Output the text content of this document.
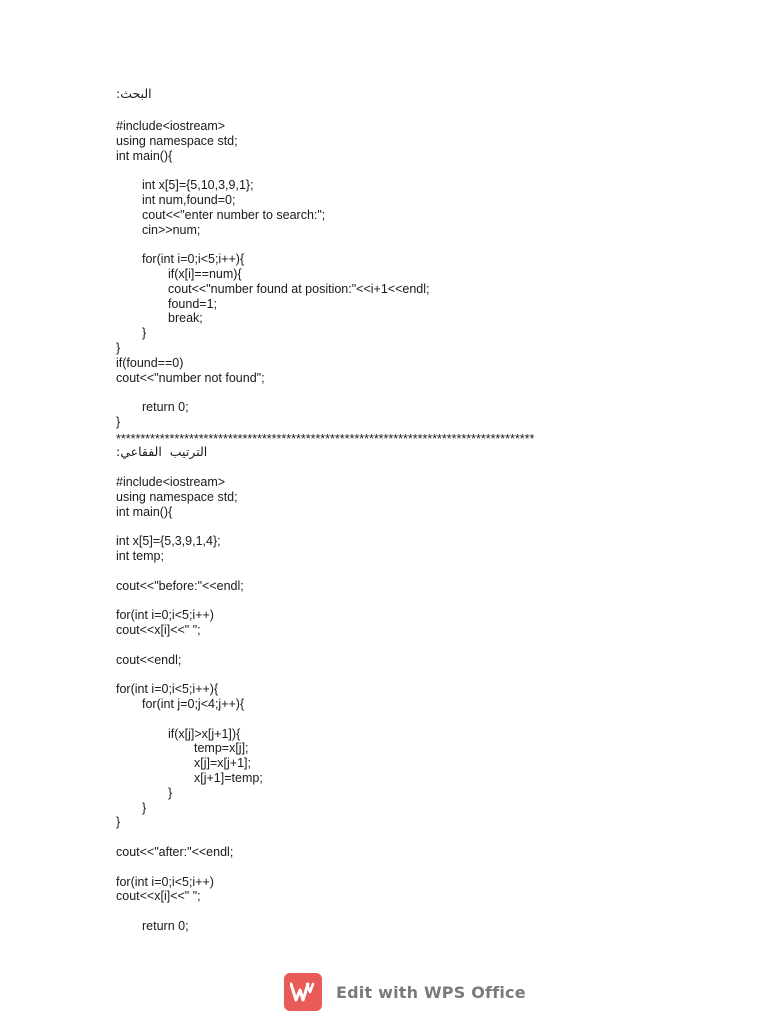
البحث:
#include<iostream>
using namespace std;
int main(){
int x[5]={5,10,3,9,1};
int num,found=0;
cout<<"enter number to search:";
cin>>num;
for(int i=0;i<5;i++){
if(x[i]==num){
cout<<"number found at position:"<<i+1<<endl;
found=1;
break;
}
}
if(found==0)
cout<<"number not found";
return 0;
}
**************************************************************************************
الترتيب  الفقاعي:
#include<iostream>
using namespace std;
int main(){
int x[5]={5,3,9,1,4};
int temp;
cout<<"before:"<<endl;
for(int i=0;i<5;i++)
cout<<x[i]<<" ";
cout<<endl;
for(int i=0;i<5;i++){
for(int j=0;j<4;j++){
if(x[j]>x[j+1]){
temp=x[j];
x[j]=x[j+1];
x[j+1]=temp;
}
}
}
cout<<"after:"<<endl;
for(int i=0;i<5;i++)
cout<<x[i]<<" ";
return 0;
Edit with WPS Office
